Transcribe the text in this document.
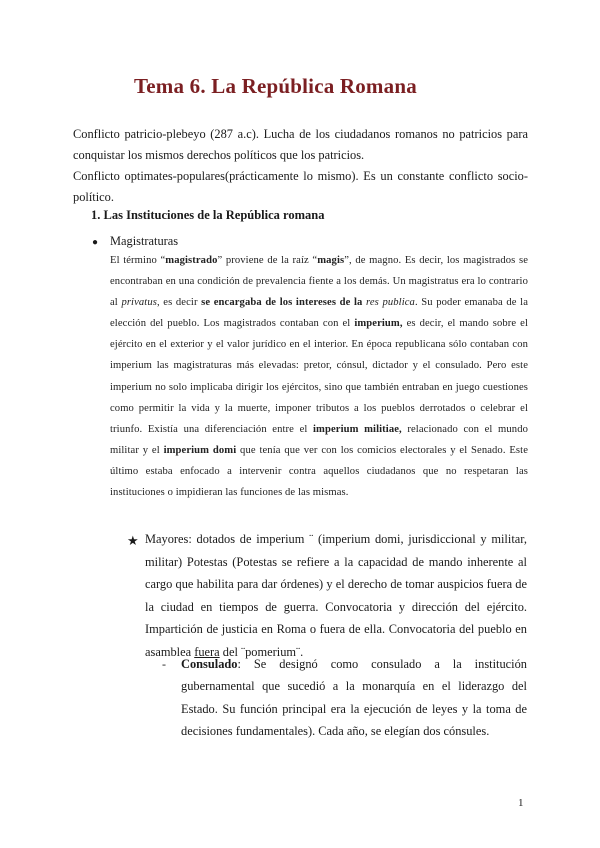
Tema 6. La República Romana

Conflicto patricio-plebeyo (287 a.c). Lucha de los ciudadanos romanos no patricios para conquistar los mismos derechos políticos que los patricios.

Conflicto optimates-populares(prácticamente lo mismo). Es un constante conflicto socio-político.

1. Las Instituciones de la República romana
● Magistraturas

El término “magistrado” proviene de la raíz “magis”, de magno. Es decir, los magistrados se encontraban en una condición de prevalencia fiente a los demás. Un magistratus era lo contrario al privatus, es decir se encargaba de los intereses de la res publica. Su poder emanaba de la elección del pueblo. Los magistrados contaban con el imperium, es decir, el mando sobre el ejército en el exterior y el valor jurídico en el interior. En época republicana sólo contaban con imperium las magistraturas más elevadas: pretor, cónsul, dictador y el consulado. Pero este imperium no solo implicaba dirigir los ejércitos, sino que también entraban en juego cuestiones como permitir la vida y la muerte, imponer tributos a los pueblos derrotados o celebrar el triunfo. Existía una diferenciación entre el imperium militiae, relacionado con el mundo militar y el imperium domi que tenía que ver con los comicios electorales y el Senado. Este último estaba enfocado a intervenir contra aquellos ciudadanos que no respetaran las instituciones o impidieran las funciones de las mismas.

★ Mayores: dotados de imperium ¨ (imperium domi, jurisdiccional y militar, militar) Potestas (Potestas se refiere a la capacidad de mando inherente al cargo que habilita para dar órdenes) y el derecho de tomar auspicios fuera de la ciudad en tiempos de guerra. Convocatoria y dirección del ejército. Impartición de justicia en Roma o fuera de ella. Convocatoria del pueblo en asamblea fuera del ¨pomerium¨.

- Consulado: Se designó como consulado a la institución gubernamental que sucedió a la monarquía en el liderazgo del Estado. Su función principal era la ejecución de leyes y la toma de decisiones fundamentales). Cada año, se elegían dos cónsules.

1
